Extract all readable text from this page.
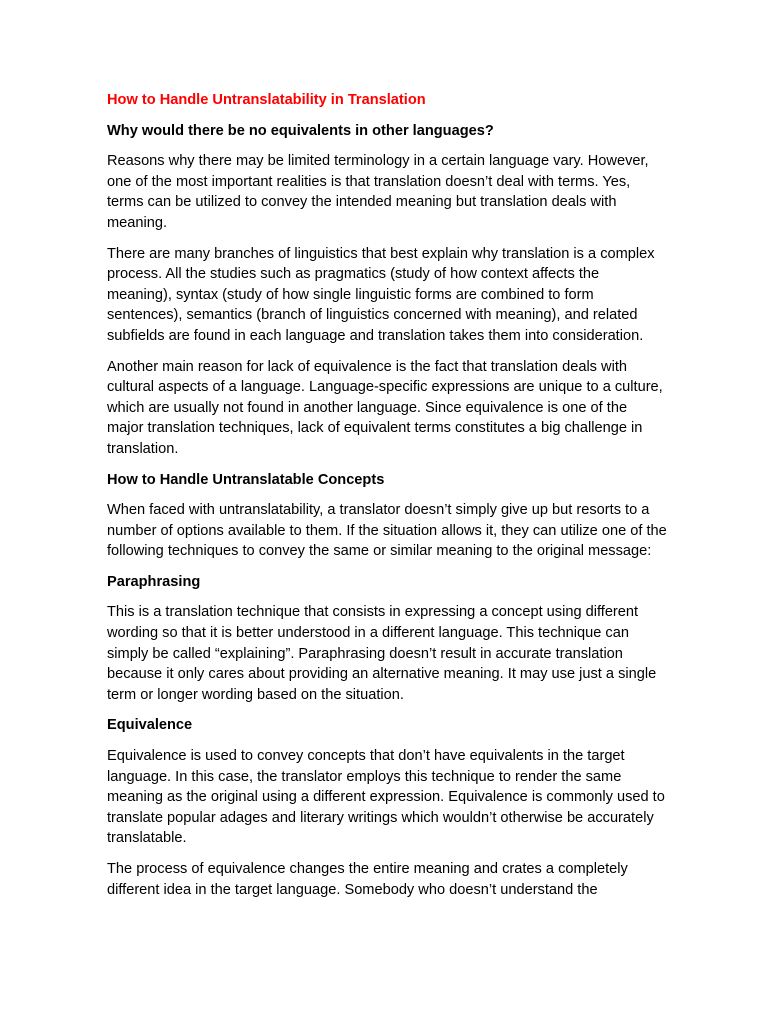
How to Handle Untranslatability in Translation
Why would there be no equivalents in other languages?
Reasons why there may be limited terminology in a certain language vary. However, one of the most important realities is that translation doesn’t deal with terms. Yes, terms can be utilized to convey the intended meaning but translation deals with meaning.
There are many branches of linguistics that best explain why translation is a complex process. All the studies such as pragmatics (study of how context affects the meaning), syntax (study of how single linguistic forms are combined to form sentences), semantics (branch of linguistics concerned with meaning), and related subfields are found in each language and translation takes them into consideration.
Another main reason for lack of equivalence is the fact that translation deals with cultural aspects of a language. Language-specific expressions are unique to a culture, which are usually not found in another language. Since equivalence is one of the major translation techniques, lack of equivalent terms constitutes a big challenge in translation.
How to Handle Untranslatable Concepts
When faced with untranslatability, a translator doesn’t simply give up but resorts to a number of options available to them. If the situation allows it, they can utilize one of the following techniques to convey the same or similar meaning to the original message:
Paraphrasing
This is a translation technique that consists in expressing a concept using different wording so that it is better understood in a different language. This technique can simply be called “explaining”. Paraphrasing doesn’t result in accurate translation because it only cares about providing an alternative meaning. It may use just a single term or longer wording based on the situation.
Equivalence
Equivalence is used to convey concepts that don’t have equivalents in the target language. In this case, the translator employs this technique to render the same meaning as the original using a different expression. Equivalence is commonly used to translate popular adages and literary writings which wouldn’t otherwise be accurately translatable.
The process of equivalence changes the entire meaning and crates a completely different idea in the target language. Somebody who doesn’t understand the
